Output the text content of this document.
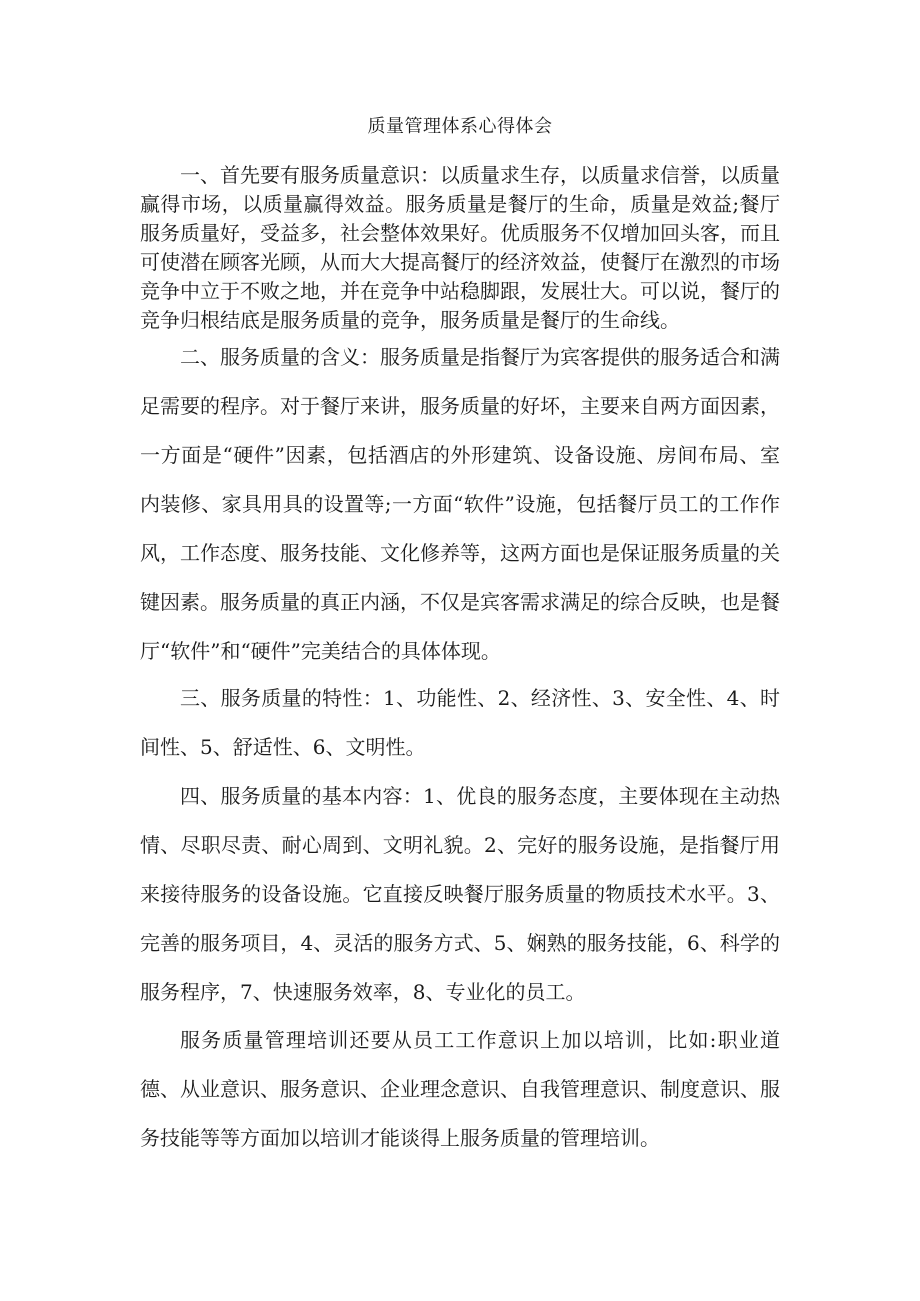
质量管理体系心得体会

一、首先要有服务质量意识：以质量求生存，以质量求信誉，以质量赢得市场，以质量赢得效益。服务质量是餐厅的生命，质量是效益;餐厅服务质量好，受益多，社会整体效果好。优质服务不仅增加回头客，而且可使潜在顾客光顾，从而大大提高餐厅的经济效益，使餐厅在激烈的市场竞争中立于不败之地，并在竞争中站稳脚跟，发展壮大。可以说，餐厅的竞争归根结底是服务质量的竞争，服务质量是餐厅的生命线。

二、服务质量的含义：服务质量是指餐厅为宾客提供的服务适合和满足需要的程序。对于餐厅来讲，服务质量的好坏，主要来自两方面因素，一方面是“硬件”因素，包括酒店的外形建筑、设备设施、房间布局、室内装修、家具用具的设置等;一方面“软件”设施，包括餐厅员工的工作作风，工作态度、服务技能、文化修养等，这两方面也是保证服务质量的关键因素。服务质量的真正内涵，不仅是宾客需求满足的综合反映，也是餐厅“软件”和“硬件”完美结合的具体体现。

三、服务质量的特性：1、功能性、2、经济性、3、安全性、4、时间性、5、舒适性、6、文明性。

四、服务质量的基本内容：1、优良的服务态度，主要体现在主动热情、尽职尽责、耐心周到、文明礼貌。2、完好的服务设施，是指餐厅用来接待服务的设备设施。它直接反映餐厅服务质量的物质技术水平。3、完善的服务项目，4、灵活的服务方式、5、娴熟的服务技能，6、科学的服务程序，7、快速服务效率，8、专业化的员工。

服务质量管理培训还要从员工工作意识上加以培训，比如:职业道德、从业意识、服务意识、企业理念意识、自我管理意识、制度意识、服务技能等等方面加以培训才能谈得上服务质量的管理培训。
